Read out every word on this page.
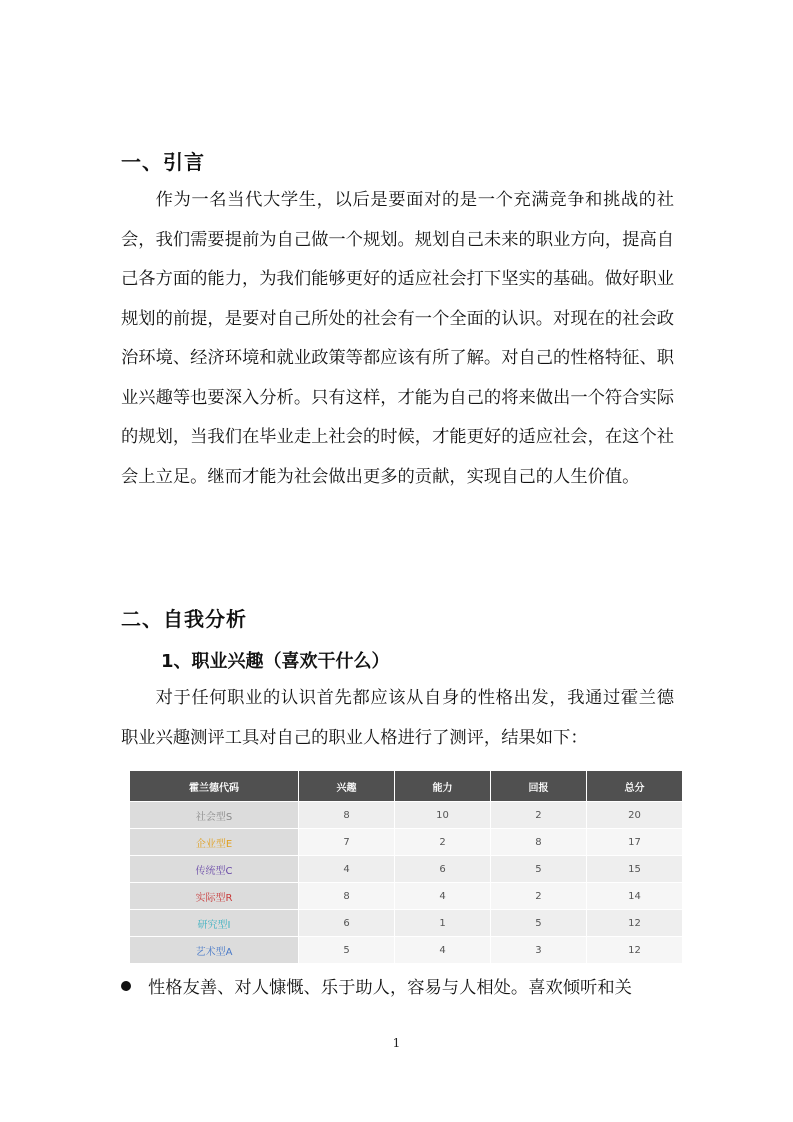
一、引言

作为一名当代大学生，以后是要面对的是一个充满竞争和挑战的社会，我们需要提前为自己做一个规划。规划自己未来的职业方向，提高自己各方面的能力，为我们能够更好的适应社会打下坚实的基础。做好职业规划的前提，是要对自己所处的社会有一个全面的认识。对现在的社会政治环境、经济环境和就业政策等都应该有所了解。对自己的性格特征、职业兴趣等也要深入分析。只有这样，才能为自己的将来做出一个符合实际的规划，当我们在毕业走上社会的时候，才能更好的适应社会，在这个社会上立足。继而才能为社会做出更多的贡献，实现自己的人生价值。

二、自我分析
1、职业兴趣（喜欢干什么）

对于任何职业的认识首先都应该从自身的性格出发，我通过霍兰德职业兴趣测评工具对自己的职业人格进行了测评，结果如下：

霍兰德代码	兴趣	能力	回报	总分
社会型S	8	10	2	20
企业型E	7	2	8	17
传统型C	4	6	5	15
实际型R	8	4	2	14
研究型I	6	1	5	12
艺术型A	5	4	3	12

性格友善、对人慷慨、乐于助人，容易与人相处。喜欢倾听和关

1
